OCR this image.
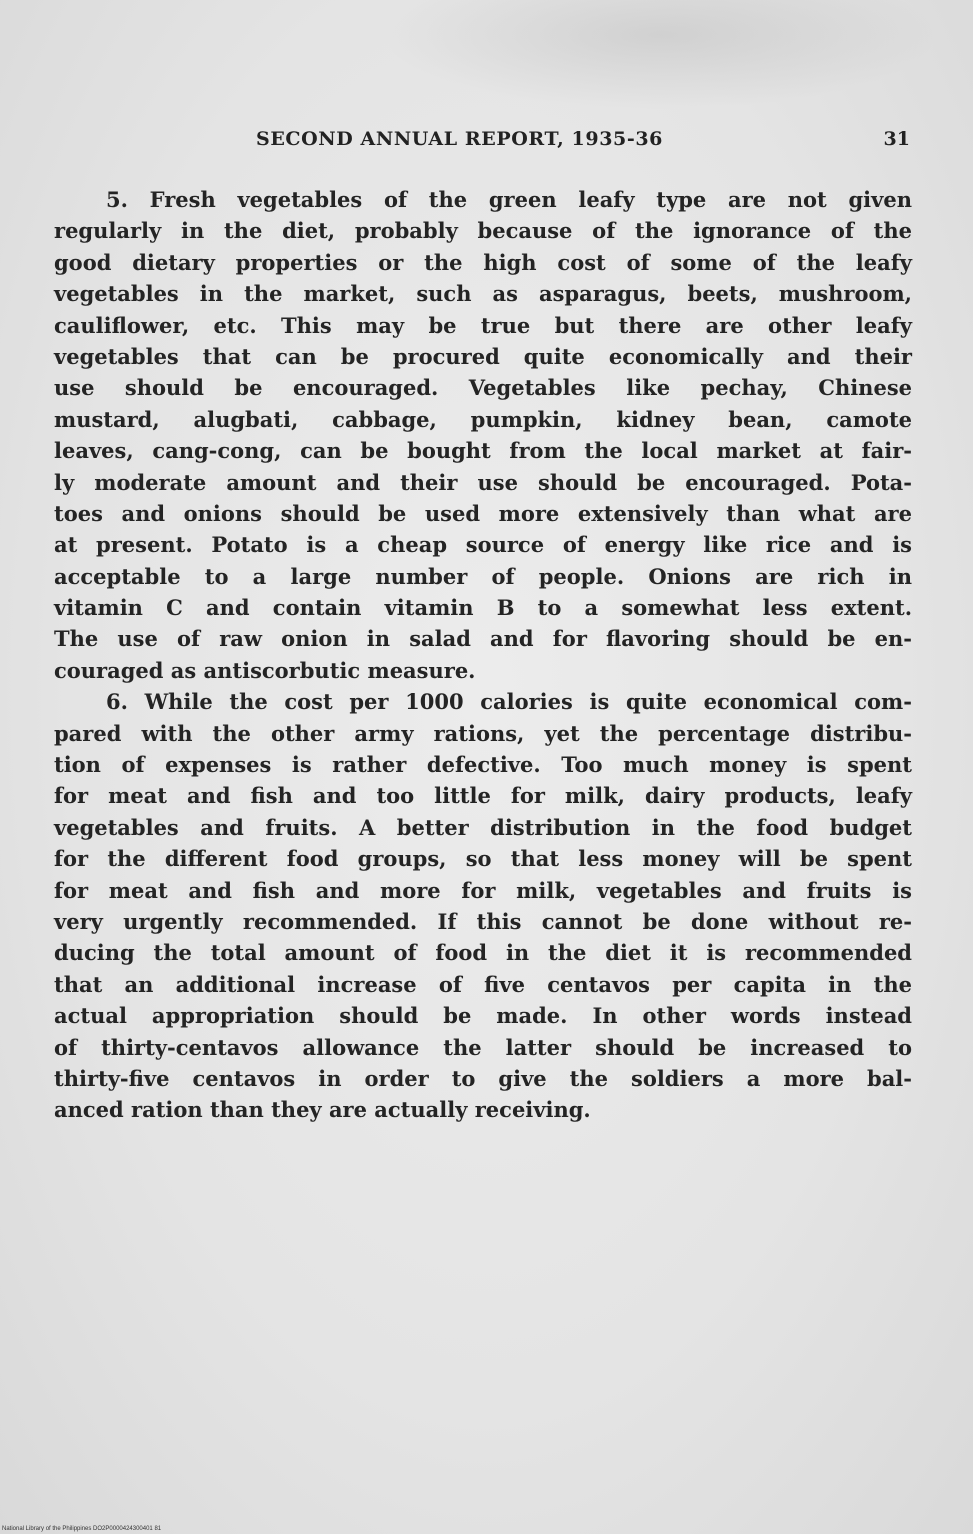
SECOND ANNUAL REPORT, 1935-36	31
5. Fresh vegetables of the green leafy type are not given
regularly in the diet, probably because of the ignorance of the
good dietary properties or the high cost of some of the leafy
vegetables in the market, such as asparagus, beets, mushroom,
cauliflower, etc. This may be true but there are other leafy
vegetables that can be procured quite economically and their
use should be encouraged. Vegetables like pechay, Chinese
mustard, alugbati, cabbage, pumpkin, kidney bean, camote
leaves, cang-cong, can be bought from the local market at fair-
ly moderate amount and their use should be encouraged. Pota-
toes and onions should be used more extensively than what are
at present. Potato is a cheap source of energy like rice and is
acceptable to a large number of people. Onions are rich in
vitamin C and contain vitamin B to a somewhat less extent.
The use of raw onion in salad and for flavoring should be en-
couraged as antiscorbutic measure.
6. While the cost per 1000 calories is quite economical com-
pared with the other army rations, yet the percentage distribu-
tion of expenses is rather defective. Too much money is spent
for meat and fish and too little for milk, dairy products, leafy
vegetables and fruits. A better distribution in the food budget
for the different food groups, so that less money will be spent
for meat and fish and more for milk, vegetables and fruits is
very urgently recommended. If this cannot be done without re-
ducing the total amount of food in the diet it is recommended
that an additional increase of five centavos per capita in the
actual appropriation should be made. In other words instead
of thirty-centavos allowance the latter should be increased to
thirty-five centavos in order to give the soldiers a more bal-
anced ration than they are actually receiving.
National Library of the Philippines DO2P0000424300401 81
